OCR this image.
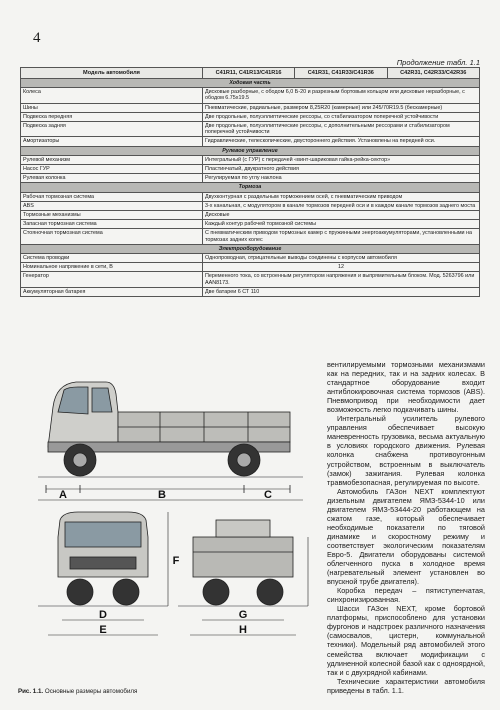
4
Продолжение табл. 1.1
Модель автомобиля	C41R11, C41R13/C41R16	C41R31, C41R33/C41R36	C42R31, C42R33/C42R36
Ходовая часть			
Колеса	Дисковые разборные, с ободом 6,0 Б-20 и разрезным бортовым кольцом или дисковые неразборные, с ободом 6.75х19.5		
Шины	Пневматические, радиальные, размером 8,25R20 (камерные) или 245/70R19.5 (бескамерные)		
Подвеска передняя	Две продольные, полуэллиптические рессоры, со стабилизатором поперечной устойчивости		
Подвеска задняя	Две продольные, полуэллиптические рессоры, с дополнительными рессорами и стабилизатором поперечной устойчивости		
Амортизаторы	Гидравлические, телескопические, двустороннего действия. Установлены на передней оси.		
Рулевое управление			
Рулевой механизм	Интегральный (с ГУР) с передачей «винт-шариковая гайка-рейка-сектор»		
Насос ГУР	Пластинчатый, двукратного действия		
Рулевая колонка	Регулируемая по углу наклона		
Тормоза			
Рабочая тормозная система	Двухконтурная с раздельным торможением осей, с пневматическим приводом		
ABS	3-х канальная, с модулятором в канале тормозов передней оси и в каждом канале тормозов заднего моста		
Тормозные механизмы	Дисковые		
Запасная тормозная система	Каждый контур рабочей тормозной системы		
Стояночная тормозная система	С пневматическим приводом тормозных камер с пружинными энергоаккумуляторами, установленными на тормозах задних колес		
Электрооборудование			
Система проводки	Однопроводная, отрицательные выводы соединены с корпусом автомобиля		
Номинальное напряжение в сети, В	12		
Генератор	Переменного тока, со встроенным регулятором напряжения и выпрямительным блоком. Мод. 5263796 или AAN8173.		
Аккумуляторная батарея	Две батареи 6 СТ 110		
A	B	C
D
E
F
G
H
Рис. 1.1. Основные размеры автомобиля

вентилируемыми тормозными механизмами как на передних, так и на задних колесах. В стандартное оборудование входит антиблокировочная система тормозов (ABS). Пневмопривод при необходимости дает возможность легко подкачивать шины.

Интегральный усилитель рулевого управления обеспечивает высокую маневренность грузовика, весьма актуальную в условиях городского движения. Рулевая колонка снабжена противоугонным устройством, встроенным в выключатель (замок) зажигания. Рулевая колонка травмобезопасная, регулируемая по высоте.

Автомобиль ГАЗон NEXT комплектуют дизельным двигателем ЯМЗ-5344-10 или двигателем ЯМЗ-53444-20 работающем на сжатом газе, который обеспечивает необходимые показатели по тяговой динамике и скоростному режиму и соответствует экологическим показателям Евро-5. Двигатели оборудованы системой облегченного пуска в холодное время (нагревательный элемент установлен во впускной трубе двигателя).

Коробка передач – пятиступенчатая, синхронизированная.

Шасси ГАЗон NEXT, кроме бортовой платформы, приспособлено для установки фургонов и надстроек различного назначения (самосвалов, цистерн, коммунальной техники). Модельный ряд автомобилей этого семейства включает модификации с удлиненной колесной базой как с одноярдной, так и с двухрядной кабинами.

Технические характеристики автомобиля приведены в табл. 1.1.
